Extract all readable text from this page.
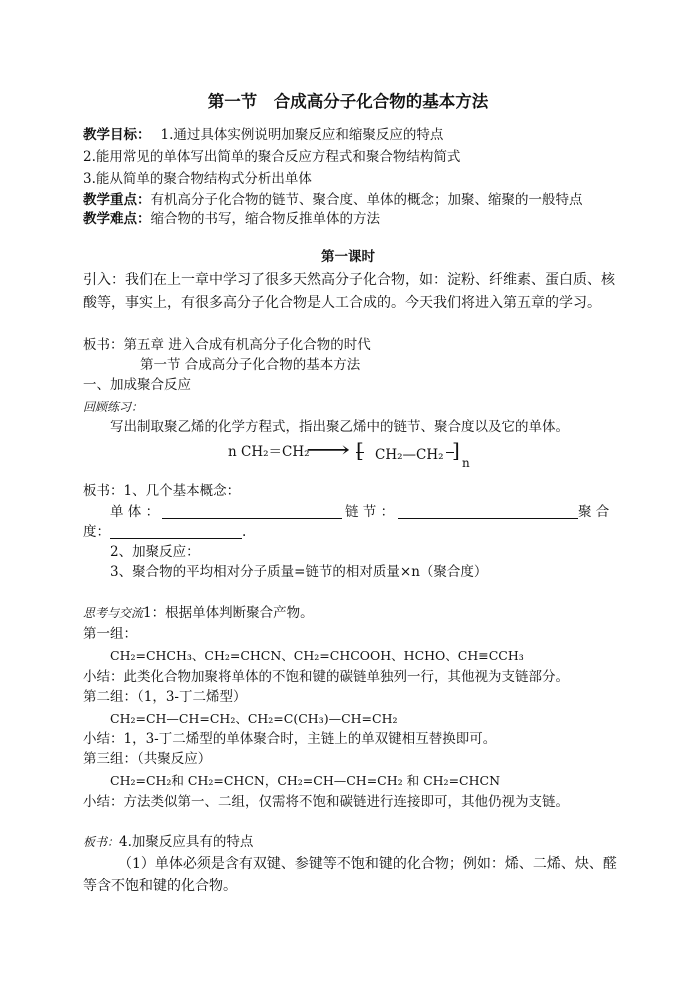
第一节　合成高分子化合物的基本方法
教学目标： 1.通过具体实例说明加聚反应和缩聚反应的特点
2.能用常见的单体写出简单的聚合反应方程式和聚合物结构简式
3.能从简单的聚合物结构式分析出单体
教学重点：有机高分子化合物的链节、聚合度、单体的概念；加聚、缩聚的一般特点
教学难点：缩合物的书写，缩合物反推单体的方法
第一课时
引入：我们在上一章中学习了很多天然高分子化合物，如：淀粉、纤维素、蛋白质、核
酸等，事实上，有很多高分子化合物是人工合成的。今天我们将进入第五章的学习。
板书：第五章 进入合成有机高分子化合物的时代
第一节 合成高分子化合物的基本方法
一、加成聚合反应
回顾练习：
写出制取聚乙烯的化学方程式，指出聚乙烯中的链节、聚合度以及它的单体。
n CH₂＝CH₂
⟶ [ CH₂—CH₂ ]
n
板书：1、几个基本概念：
单 体 ：	链 节 ：	聚 合
度：	.
2、加聚反应：
3、聚合物的平均相对分子质量=链节的相对质量×n（聚合度）
思考与交流1：根据单体判断聚合产物。
第一组：
CH₂=CHCH₃、CH₂=CHCN、CH₂=CHCOOH、HCHO、CH≡CCH₃
小结：此类化合物加聚将单体的不饱和键的碳链单独列一行，其他视为支链部分。
第二组：（1，3-丁二烯型）
CH₂=CH—CH=CH₂、CH₂=C(CH₃)—CH=CH₂
小结：1，3-丁二烯型的单体聚合时，主链上的单双键相互替换即可。
第三组：（共聚反应）
CH₂=CH₂和 CH₂=CHCN，CH₂=CH—CH=CH₂ 和 CH₂=CHCN
小结：方法类似第一、二组，仅需将不饱和碳链进行连接即可，其他仍视为支链。
板书：4.加聚反应具有的特点
（1）单体必须是含有双键、参键等不饱和键的化合物；例如：烯、二烯、炔、醛
等含不饱和键的化合物。
